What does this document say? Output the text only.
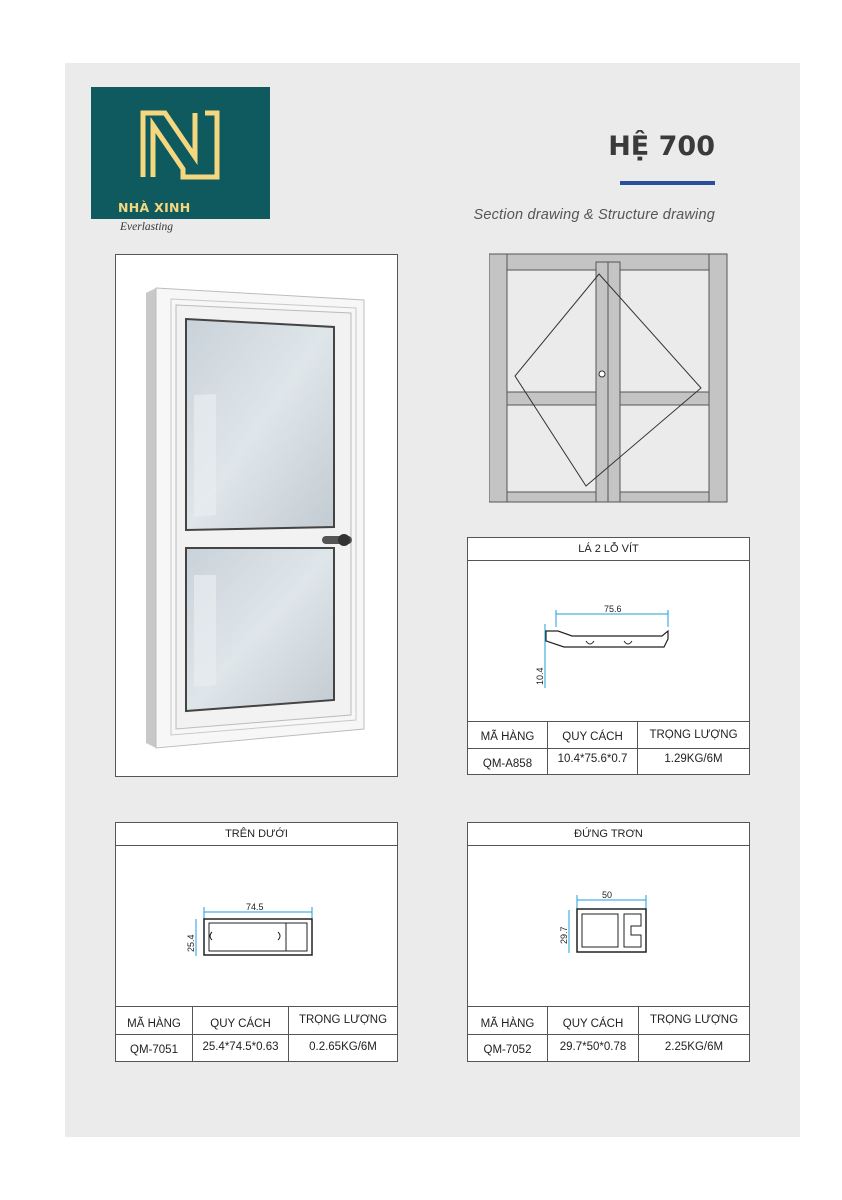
NHÀ XINH
Everlasting
HỆ 700
Section drawing & Structure drawing
LÁ 2 LỖ VÍT
75.6
10.4
MÃ HÀNG	QUY CÁCH	TRỌNG LƯỢNG
QM-A858	10.4*75.6*0.7	1.29KG/6M
TRÊN DƯỚI
74.5
25.4
MÃ HÀNG	QUY CÁCH	TRỌNG LƯỢNG
QM-7051	25.4*74.5*0.63	0.2.65KG/6M
ĐỨNG TRƠN
50
29.7
MÃ HÀNG	QUY CÁCH	TRỌNG LƯỢNG
QM-7052	29.7*50*0.78	2.25KG/6M
